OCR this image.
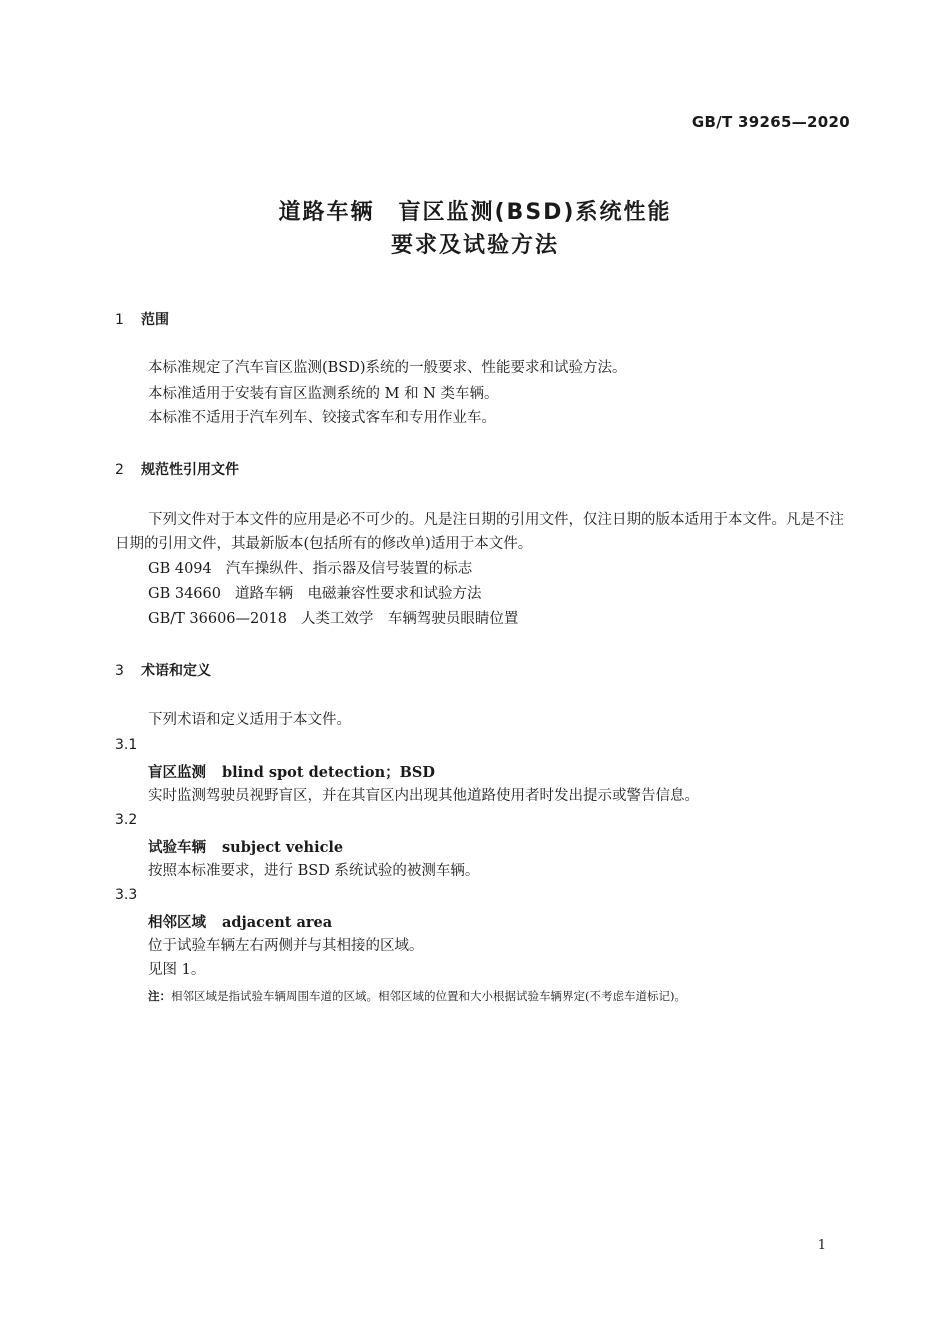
GB/T 39265—2020
道路车辆　盲区监测(BSD)系统性能
要求及试验方法
1 范围
本标准规定了汽车盲区监测(BSD)系统的一般要求、性能要求和试验方法。
本标准适用于安装有盲区监测系统的 M 和 N 类车辆。
本标准不适用于汽车列车、铰接式客车和专用作业车。
2 规范性引用文件
下列文件对于本文件的应用是必不可少的。凡是注日期的引用文件，仅注日期的版本适用于本文件。凡是不注日期的引用文件，其最新版本(包括所有的修改单)适用于本文件。
GB 4094 汽车操纵件、指示器及信号装置的标志
GB 34660 道路车辆　电磁兼容性要求和试验方法
GB/T 36606—2018 人类工效学　车辆驾驶员眼睛位置
3 术语和定义
下列术语和定义适用于本文件。
3.1
盲区监测 blind spot detection；BSD
实时监测驾驶员视野盲区，并在其盲区内出现其他道路使用者时发出提示或警告信息。
3.2
试验车辆 subject vehicle
按照本标准要求，进行 BSD 系统试验的被测车辆。
3.3
相邻区域 adjacent area
位于试验车辆左右两侧并与其相接的区域。
见图 1。
注：相邻区域是指试验车辆周围车道的区域。相邻区域的位置和大小根据试验车辆界定(不考虑车道标记)。
1
